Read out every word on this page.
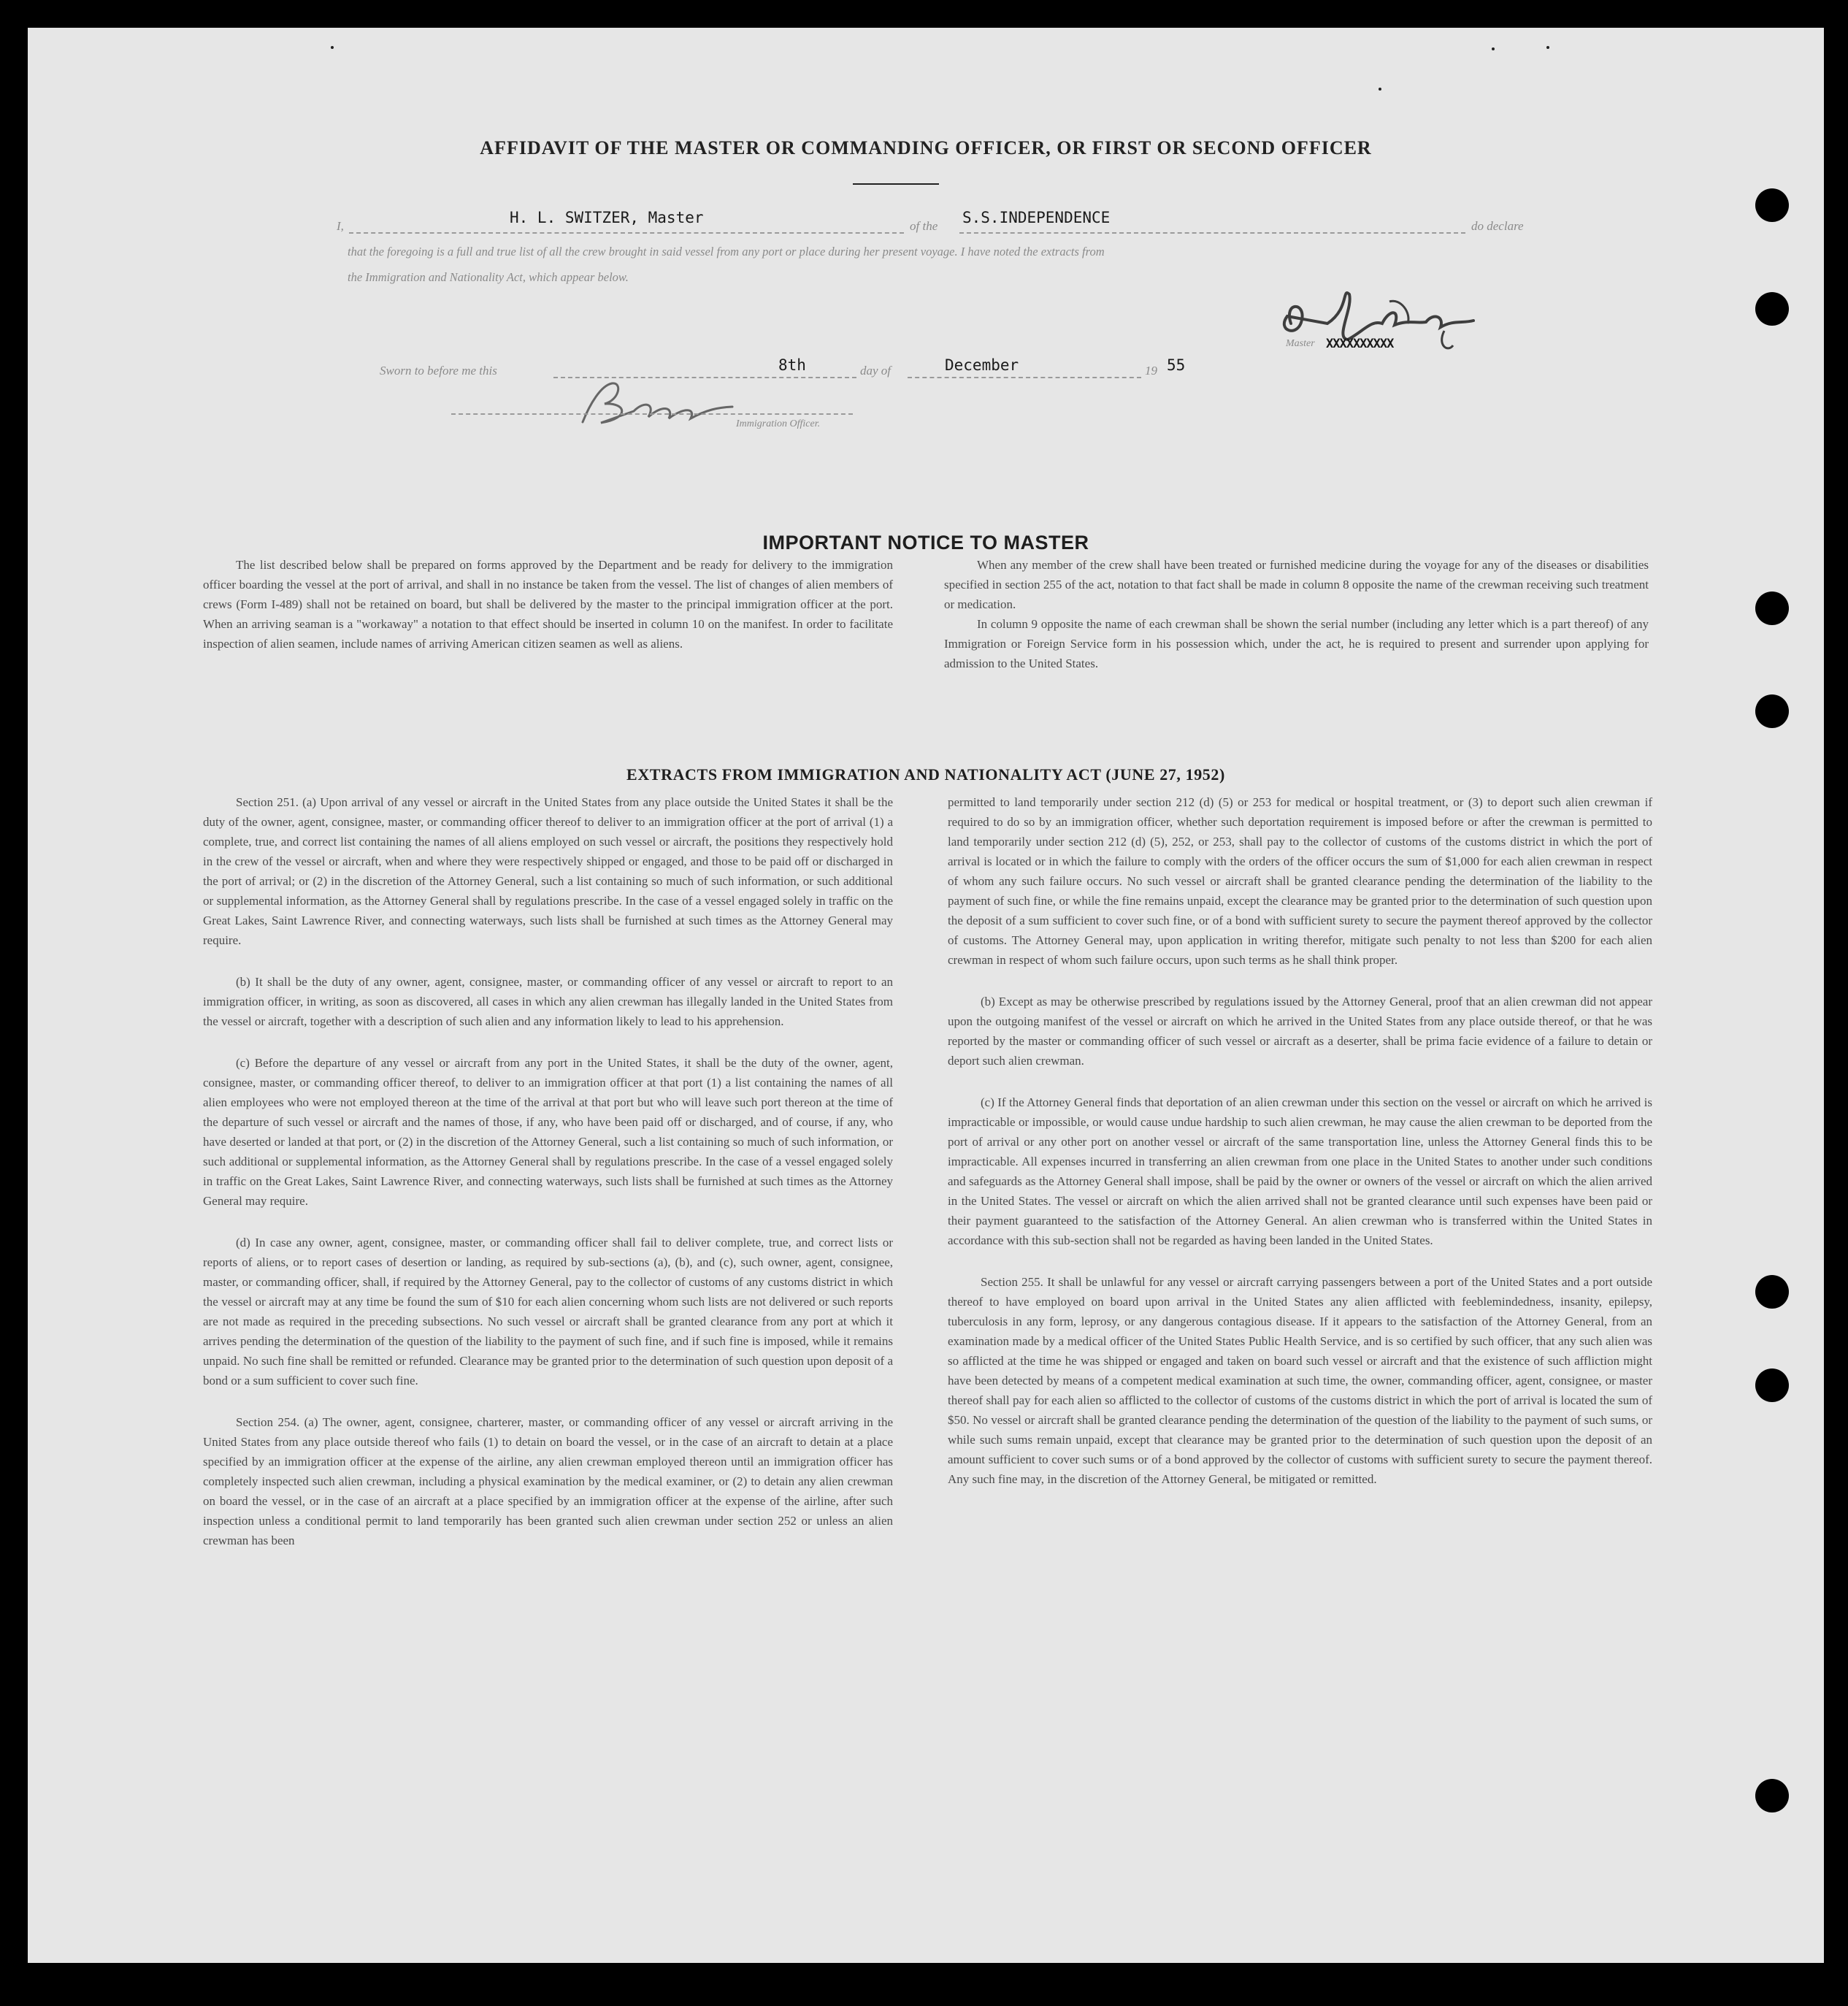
AFFIDAVIT OF THE MASTER OR COMMANDING OFFICER, OR FIRST OR SECOND OFFICER
I,	H. L. SWITZER, Master	of the S.S.INDEPENDENCE	do declare
that the foregoing is a full and true list of all the crew brought in said vessel from any port or place during her present voyage. I have noted the extracts from
the Immigration and Nationality Act, which appear below.
Master XXXXXXXXXX
Sworn to before me this	8th	day of	December	19 55
Immigration Officer.
IMPORTANT NOTICE TO MASTER

The list described below shall be prepared on forms approved by the Department and be ready for delivery to the immigration officer boarding the vessel at the port of arrival, and shall in no instance be taken from the vessel. The list of changes of alien members of crews (Form I-489) shall not be retained on board, but shall be delivered by the master to the principal immigration officer at the port. When an arriving seaman is a "workaway" a notation to that effect should be inserted in column 10 on the manifest. In order to facilitate inspection of alien seamen, include names of arriving American citizen seamen as well as aliens.

When any member of the crew shall have been treated or furnished medicine during the voyage for any of the diseases or disabilities specified in section 255 of the act, notation to that fact shall be made in column 8 opposite the name of the crewman receiving such treatment or medication.

In column 9 opposite the name of each crewman shall be shown the serial number (including any letter which is a part thereof) of any Immigration or Foreign Service form in his possession which, under the act, he is required to present and surrender upon applying for admission to the United States.

EXTRACTS FROM IMMIGRATION AND NATIONALITY ACT (JUNE 27, 1952)

Section 251. (a) Upon arrival of any vessel or aircraft in the United States from any place outside the United States it shall be the duty of the owner, agent, consignee, master, or commanding officer thereof to deliver to an immigration officer at the port of arrival (1) a complete, true, and correct list containing the names of all aliens employed on such vessel or aircraft, the positions they respectively hold in the crew of the vessel or aircraft, when and where they were respectively shipped or engaged, and those to be paid off or discharged in the port of arrival; or (2) in the discretion of the Attorney General, such a list containing so much of such information, or such additional or supplemental information, as the Attorney General shall by regulations prescribe. In the case of a vessel engaged solely in traffic on the Great Lakes, Saint Lawrence River, and connecting waterways, such lists shall be furnished at such times as the Attorney General may require.

(b) It shall be the duty of any owner, agent, consignee, master, or commanding officer of any vessel or aircraft to report to an immigration officer, in writing, as soon as discovered, all cases in which any alien crewman has illegally landed in the United States from the vessel or aircraft, together with a description of such alien and any information likely to lead to his apprehension.

(c) Before the departure of any vessel or aircraft from any port in the United States, it shall be the duty of the owner, agent, consignee, master, or commanding officer thereof, to deliver to an immigration officer at that port (1) a list containing the names of all alien employees who were not employed thereon at the time of the arrival at that port but who will leave such port thereon at the time of the departure of such vessel or aircraft and the names of those, if any, who have been paid off or discharged, and of course, if any, who have deserted or landed at that port, or (2) in the discretion of the Attorney General, such a list containing so much of such information, or such additional or supplemental information, as the Attorney General shall by regulations prescribe. In the case of a vessel engaged solely in traffic on the Great Lakes, Saint Lawrence River, and connecting waterways, such lists shall be furnished at such times as the Attorney General may require.

(d) In case any owner, agent, consignee, master, or commanding officer shall fail to deliver complete, true, and correct lists or reports of aliens, or to report cases of desertion or landing, as required by sub-sections (a), (b), and (c), such owner, agent, consignee, master, or commanding officer, shall, if required by the Attorney General, pay to the collector of customs of any customs district in which the vessel or aircraft may at any time be found the sum of $10 for each alien concerning whom such lists are not delivered or such reports are not made as required in the preceding subsections. No such vessel or aircraft shall be granted clearance from any port at which it arrives pending the determination of the question of the liability to the payment of such fine, and if such fine is imposed, while it remains unpaid. No such fine shall be remitted or refunded. Clearance may be granted prior to the determination of such question upon deposit of a bond or a sum sufficient to cover such fine.

Section 254. (a) The owner, agent, consignee, charterer, master, or commanding officer of any vessel or aircraft arriving in the United States from any place outside thereof who fails (1) to detain on board the vessel, or in the case of an aircraft to detain at a place specified by an immigration officer at the expense of the airline, any alien crewman employed thereon until an immigration officer has completely inspected such alien crewman, including a physical examination by the medical examiner, or (2) to detain any alien crewman on board the vessel, or in the case of an aircraft at a place specified by an immigration officer at the expense of the airline, after such inspection unless a conditional permit to land temporarily has been granted such alien crewman under section 252 or unless an alien crewman has been

permitted to land temporarily under section 212 (d) (5) or 253 for medical or hospital treatment, or (3) to deport such alien crewman if required to do so by an immigration officer, whether such deportation requirement is imposed before or after the crewman is permitted to land temporarily under section 212 (d) (5), 252, or 253, shall pay to the collector of customs of the customs district in which the port of arrival is located or in which the failure to comply with the orders of the officer occurs the sum of $1,000 for each alien crewman in respect of whom any such failure occurs. No such vessel or aircraft shall be granted clearance pending the determination of the liability to the payment of such fine, or while the fine remains unpaid, except the clearance may be granted prior to the determination of such question upon the deposit of a sum sufficient to cover such fine, or of a bond with sufficient surety to secure the payment thereof approved by the collector of customs. The Attorney General may, upon application in writing therefor, mitigate such penalty to not less than $200 for each alien crewman in respect of whom such failure occurs, upon such terms as he shall think proper.

(b) Except as may be otherwise prescribed by regulations issued by the Attorney General, proof that an alien crewman did not appear upon the outgoing manifest of the vessel or aircraft on which he arrived in the United States from any place outside thereof, or that he was reported by the master or commanding officer of such vessel or aircraft as a deserter, shall be prima facie evidence of a failure to detain or deport such alien crewman.

(c) If the Attorney General finds that deportation of an alien crewman under this section on the vessel or aircraft on which he arrived is impracticable or impossible, or would cause undue hardship to such alien crewman, he may cause the alien crewman to be deported from the port of arrival or any other port on another vessel or aircraft of the same transportation line, unless the Attorney General finds this to be impracticable. All expenses incurred in transferring an alien crewman from one place in the United States to another under such conditions and safeguards as the Attorney General shall impose, shall be paid by the owner or owners of the vessel or aircraft on which the alien arrived in the United States. The vessel or aircraft on which the alien arrived shall not be granted clearance until such expenses have been paid or their payment guaranteed to the satisfaction of the Attorney General. An alien crewman who is transferred within the United States in accordance with this sub-section shall not be regarded as having been landed in the United States.

Section 255. It shall be unlawful for any vessel or aircraft carrying passengers between a port of the United States and a port outside thereof to have employed on board upon arrival in the United States any alien afflicted with feeblemindedness, insanity, epilepsy, tuberculosis in any form, leprosy, or any dangerous contagious disease. If it appears to the satisfaction of the Attorney General, from an examination made by a medical officer of the United States Public Health Service, and is so certified by such officer, that any such alien was so afflicted at the time he was shipped or engaged and taken on board such vessel or aircraft and that the existence of such affliction might have been detected by means of a competent medical examination at such time, the owner, commanding officer, agent, consignee, or master thereof shall pay for each alien so afflicted to the collector of customs of the customs district in which the port of arrival is located the sum of $50. No vessel or aircraft shall be granted clearance pending the determination of the question of the liability to the payment of such sums, or while such sums remain unpaid, except that clearance may be granted prior to the determination of such question upon the deposit of an amount sufficient to cover such sums or of a bond approved by the collector of customs with sufficient surety to secure the payment thereof. Any such fine may, in the discretion of the Attorney General, be mitigated or remitted.
